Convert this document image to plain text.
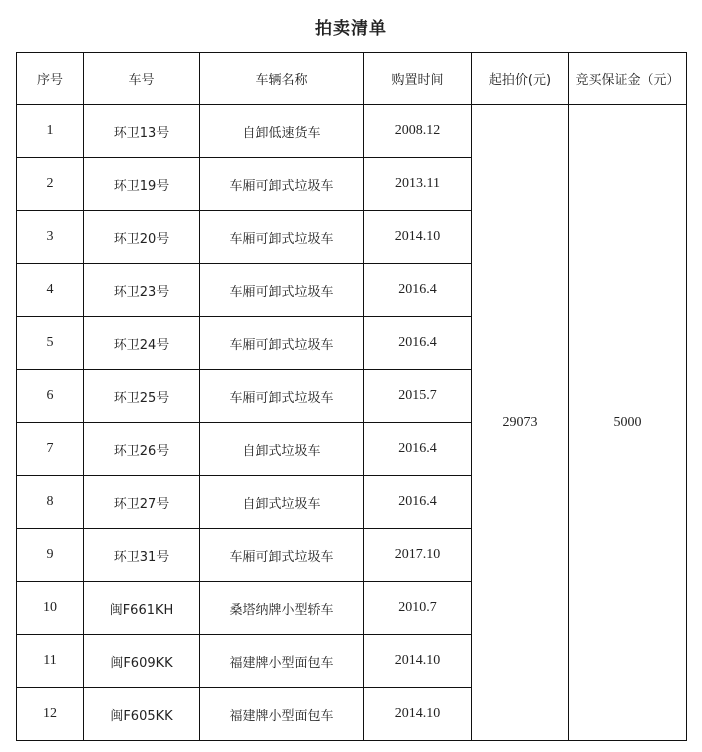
拍卖清单
序号	车号	车辆名称	购置时间	起拍价(元)	竞买保证金（元）
1	环卫13号	自卸低速货车	2008.12	29073	5000
2	环卫19号	车厢可卸式垃圾车	2013.11		
3	环卫20号	车厢可卸式垃圾车	2014.10		
4	环卫23号	车厢可卸式垃圾车	2016.4		
5	环卫24号	车厢可卸式垃圾车	2016.4		
6	环卫25号	车厢可卸式垃圾车	2015.7		
7	环卫26号	自卸式垃圾车	2016.4		
8	环卫27号	自卸式垃圾车	2016.4		
9	环卫31号	车厢可卸式垃圾车	2017.10		
10	闽F661KH	桑塔纳牌小型轿车	2010.7		
11	闽F609KK	福建牌小型面包车	2014.10		
12	闽F605KK	福建牌小型面包车	2014.10		
